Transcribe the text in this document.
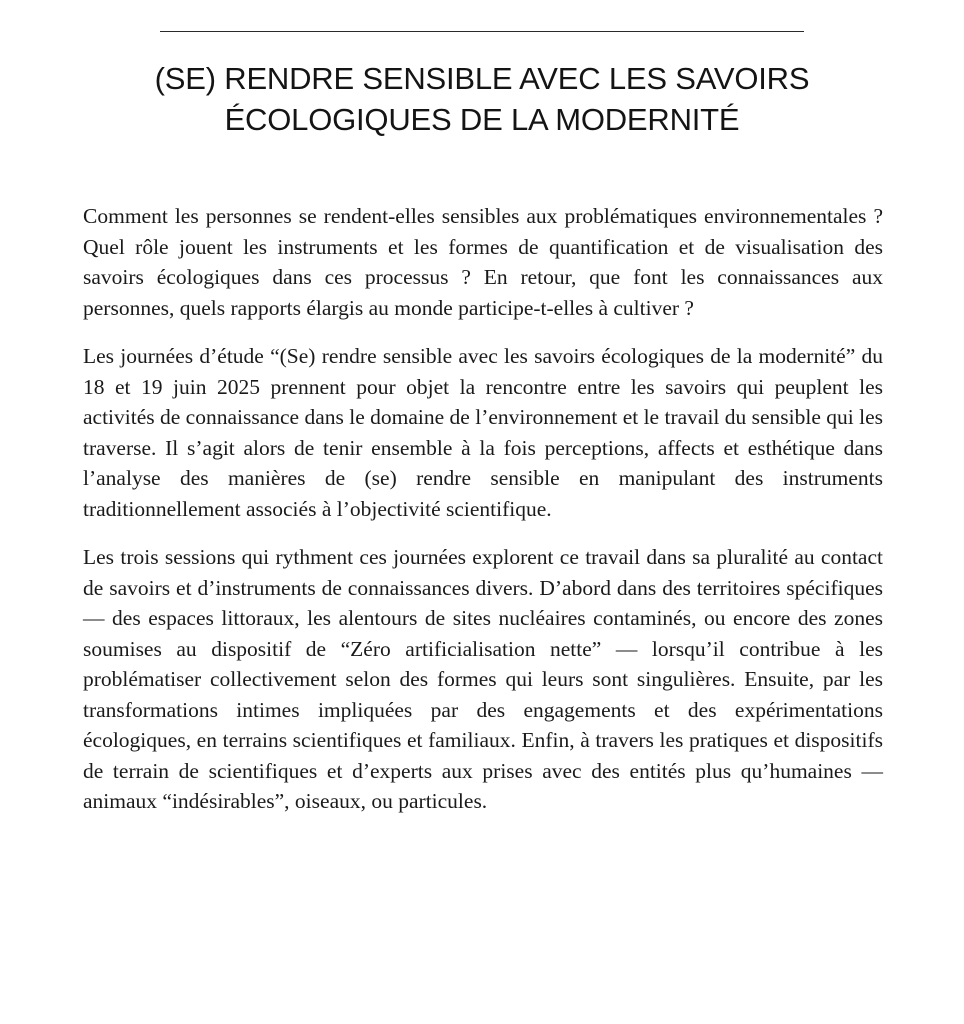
(SE) RENDRE SENSIBLE AVEC LES SAVOIRS
ÉCOLOGIQUES DE LA MODERNITÉ

Comment les personnes se rendent-elles sensibles aux problématiques environnementales ? Quel rôle jouent les instruments et les formes de quantification et de visualisation des savoirs écologiques dans ces processus ? En retour, que font les connaissances aux personnes, quels rapports élargis au monde participe-t-elles à cultiver ?

Les journées d’étude “(Se) rendre sensible avec les savoirs écologiques de la modernité” du 18 et 19 juin 2025 prennent pour objet la rencontre entre les savoirs qui peuplent les activités de connaissance dans le domaine de l’environnement et le travail du sensible qui les traverse. Il s’agit alors de tenir ensemble à la fois perceptions, affects et esthétique dans l’analyse des manières de (se) rendre sensible en manipulant des instruments traditionnellement associés à l’objectivité scientifique.

Les trois sessions qui rythment ces journées explorent ce travail dans sa pluralité au contact de savoirs et d’instruments de connaissances divers. D’abord dans des territoires spécifiques — des espaces littoraux, les alentours de sites nucléaires contaminés, ou encore des zones soumises au dispositif de “Zéro artificialisation nette” — lorsqu’il contribue à les problématiser collectivement selon des formes qui leurs sont singulières. Ensuite, par les transformations intimes impliquées par des engagements et des expérimentations écologiques, en terrains scientifiques et familiaux. Enfin, à travers les pratiques et dispositifs de terrain de scientifiques et d’experts aux prises avec des entités plus qu’humaines — animaux “indésirables”, oiseaux, ou particules.
